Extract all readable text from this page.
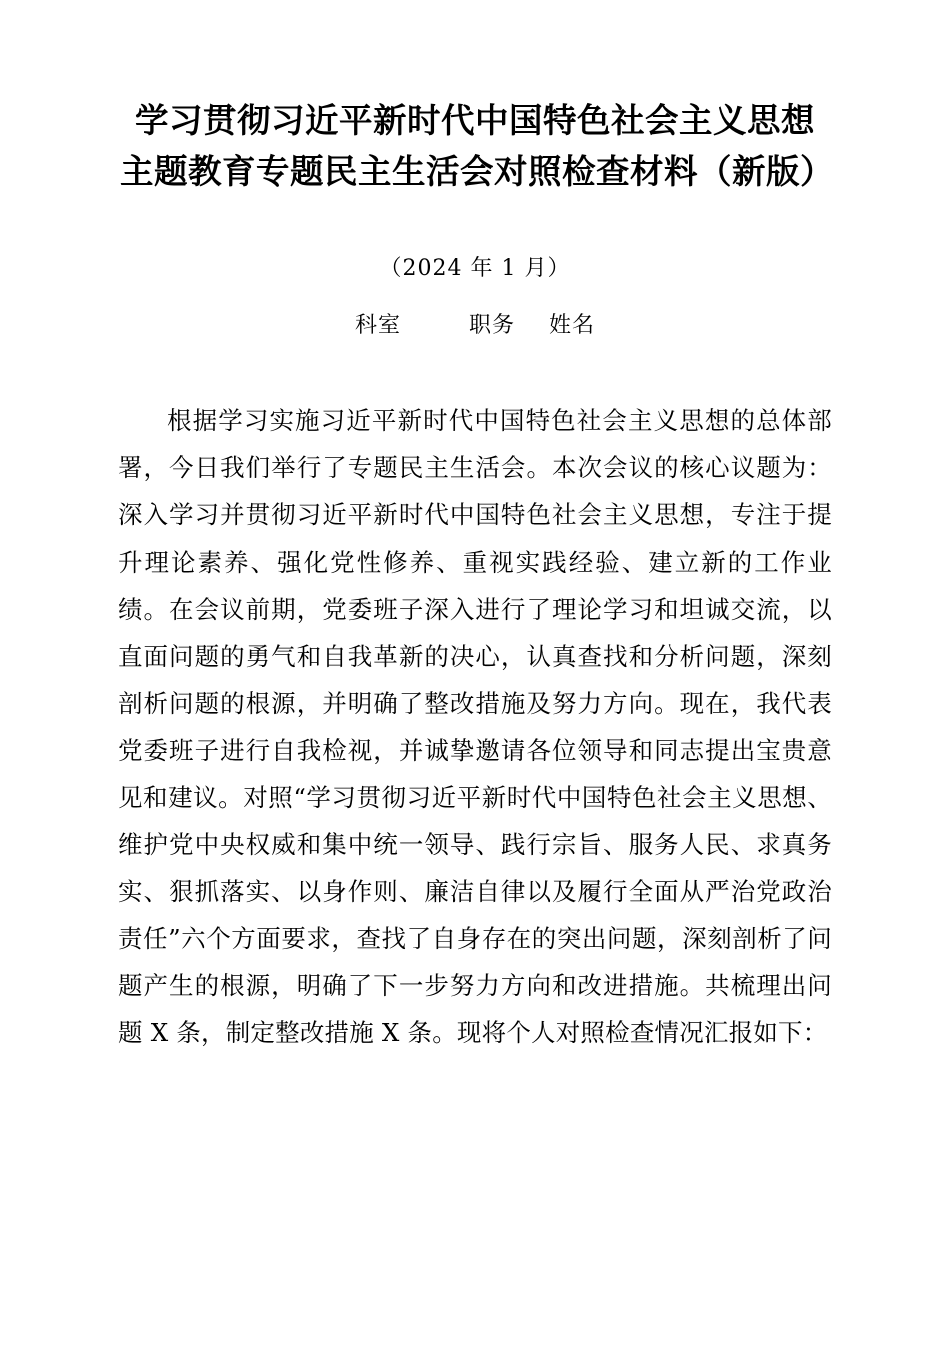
学习贯彻习近平新时代中国特色社会主义思想主题教育专题民主生活会对照检查材料（新版）
（2024 年 1 月）
科室	职务 姓名

根据学习实施习近平新时代中国特色社会主义思想的总体部署，今日我们举行了专题民主生活会。本次会议的核心议题为：深入学习并贯彻习近平新时代中国特色社会主义思想，专注于提升理论素养、强化党性修养、重视实践经验、建立新的工作业绩。在会议前期，党委班子深入进行了理论学习和坦诚交流，以直面问题的勇气和自我革新的决心，认真查找和分析问题，深刻剖析问题的根源，并明确了整改措施及努力方向。现在，我代表党委班子进行自我检视，并诚挚邀请各位领导和同志提出宝贵意见和建议。对照“学习贯彻习近平新时代中国特色社会主义思想、维护党中央权威和集中统一领导、践行宗旨、服务人民、求真务实、狠抓落实、以身作则、廉洁自律以及履行全面从严治党政治责任”六个方面要求，查找了自身存在的突出问题，深刻剖析了问题产生的根源，明确了下一步努力方向和改进措施。共梳理出问题 X 条，制定整改措施 X 条。现将个人对照检查情况汇报如下：
